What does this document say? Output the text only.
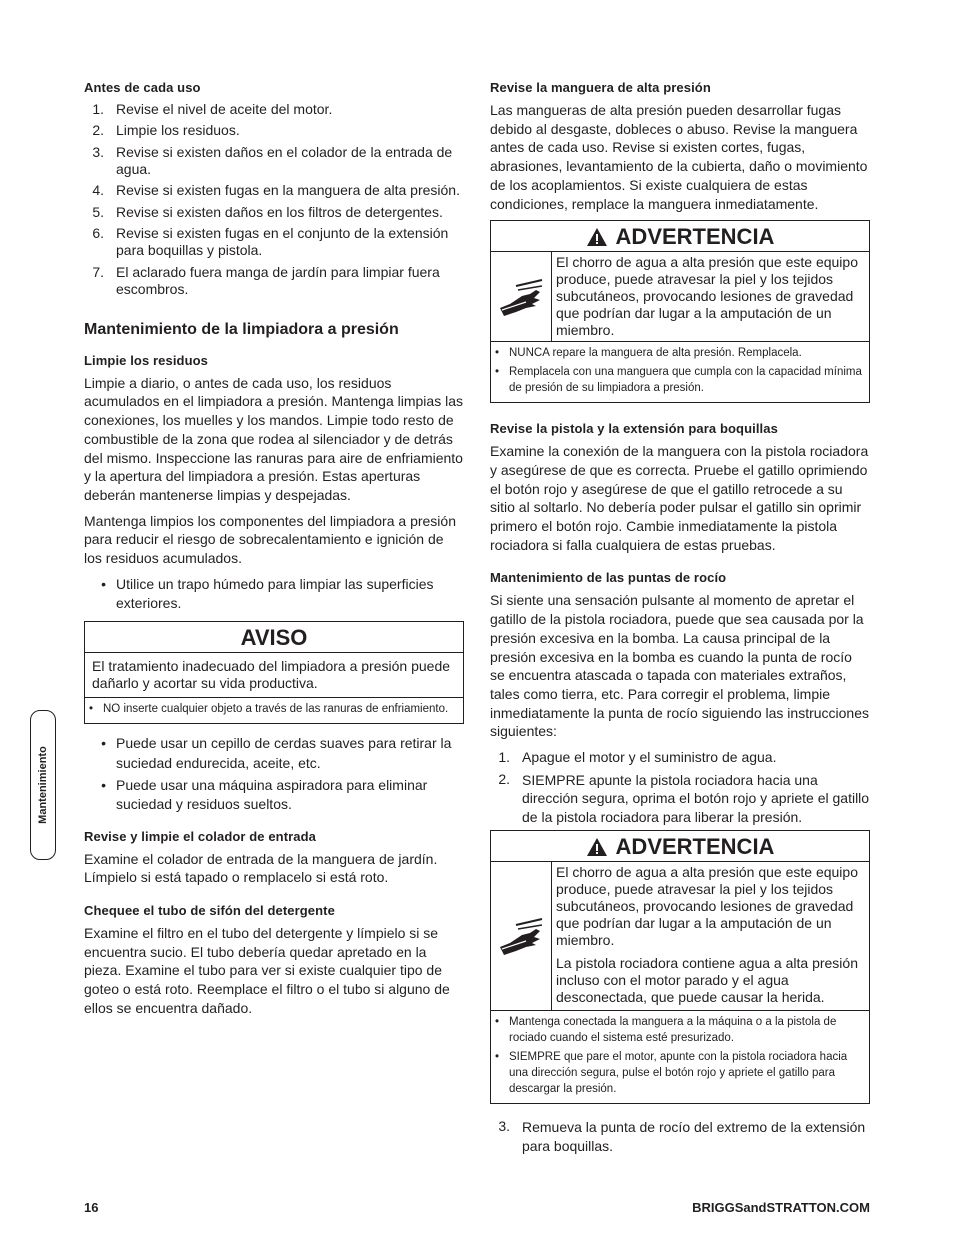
Antes de cada uso
1. Revise el nivel de aceite del motor.
2. Limpie los residuos.
3. Revise si existen daños en el colador de la entrada de agua.
4. Revise si existen fugas en la manguera de alta presión.
5. Revise si existen daños en los filtros de detergentes.
6. Revise si existen fugas en el conjunto de la extensión para boquillas y pistola.
7. El aclarado fuera manga de jardín para limpiar fuera escombros.
Mantenimiento de la limpiadora a presión
Limpie los residuos

Limpie a diario, o antes de cada uso, los residuos acumulados en el limpiadora a presión. Mantenga limpias las conexiones, los muelles y los mandos. Limpie todo resto de combustible de la zona que rodea al silenciador y de detrás del mismo. Inspeccione las ranuras para aire de enfriamiento y la apertura del limpiadora a presión. Estas aperturas deberán mantenerse limpias y despejadas.

Mantenga limpios los componentes del limpiadora a presión para reducir el riesgo de sobrecalentamiento e ignición de los residuos acumulados.

• Utilice un trapo húmedo para limpiar las superficies exteriores.
AVISO
El tratamiento inadecuado del limpiadora a presión puede dañarlo y acortar su vida productiva.
• NO inserte cualquier objeto a través de las ranuras de enfriamiento.
• Puede usar un cepillo de cerdas suaves para retirar la suciedad endurecida, aceite, etc.
• Puede usar una máquina aspiradora para eliminar suciedad y residuos sueltos.
Revise y limpie el colador de entrada

Examine el colador de entrada de la manguera de jardín. Límpielo si está tapado o remplacelo si está roto.

Chequee el tubo de sifón del detergente

Examine el filtro en el tubo del detergente y límpielo si se encuentra sucio. El tubo debería quedar apretado en la pieza. Examine el tubo para ver si existe cualquier tipo de goteo o está roto. Reemplace el filtro o el tubo si alguno de ellos se encuentra dañado.

Revise la manguera de alta presión

Las mangueras de alta presión pueden desarrollar fugas debido al desgaste, dobleces o abuso. Revise la manguera antes de cada uso. Revise si existen cortes, fugas, abrasiones, levantamiento de la cubierta, daño o movimiento de los acoplamientos. Si existe cualquiera de estas condiciones, remplace la manguera inmediatamente.

ADVERTENCIA
El chorro de agua a alta presión que este equipo produce, puede atravesar la piel y los tejidos subcutáneos, provocando lesiones de gravedad que podrían dar lugar a la amputación de un miembro.
• NUNCA repare la manguera de alta presión. Remplacela.
• Remplacela con una manguera que cumpla con la capacidad mínima de presión de su limpiadora a presión.
Revise la pistola y la extensión para boquillas

Examine la conexión de la manguera con la pistola rociadora y asegúrese de que es correcta. Pruebe el gatillo oprimiendo el botón rojo y asegúrese de que el gatillo retrocede a su sitio al soltarlo. No debería poder pulsar el gatillo sin oprimir primero el botón rojo. Cambie inmediatamente la pistola rociadora si falla cualquiera de estas pruebas.

Mantenimiento de las puntas de rocío

Si siente una sensación pulsante al momento de apretar el gatillo de la pistola rociadora, puede que sea causada por la presión excesiva en la bomba. La causa principal de la presión excesiva en la bomba es cuando la punta de rocío se encuentra atascada o tapada con materiales extraños, tales como tierra, etc. Para corregir el problema, limpie inmediatamente la punta de rocío siguiendo las instrucciones siguientes:

1. Apague el motor y el suministro de agua.
2. SIEMPRE apunte la pistola rociadora hacia una dirección segura, oprima el botón rojo y apriete el gatillo de la pistola rociadora para liberar la presión.
ADVERTENCIA

El chorro de agua a alta presión que este equipo produce, puede atravesar la piel y los tejidos subcutáneos, provocando lesiones de gravedad que podrían dar lugar a la amputación de un miembro.

La pistola rociadora contiene agua a alta presión incluso con el motor parado y el agua desconectada, que puede causar la herida.

• Mantenga conectada la manguera a la máquina o a la pistola de rociado cuando el sistema esté presurizado.
• SIEMPRE que pare el motor, apunte con la pistola rociadora hacia una dirección segura, pulse el botón rojo y apriete el gatillo para descargar la presión.
3. Remueva la punta de rocío del extremo de la extensión para boquillas.
Mantenimiento
16	BRIGGSandSTRATTON.COM
